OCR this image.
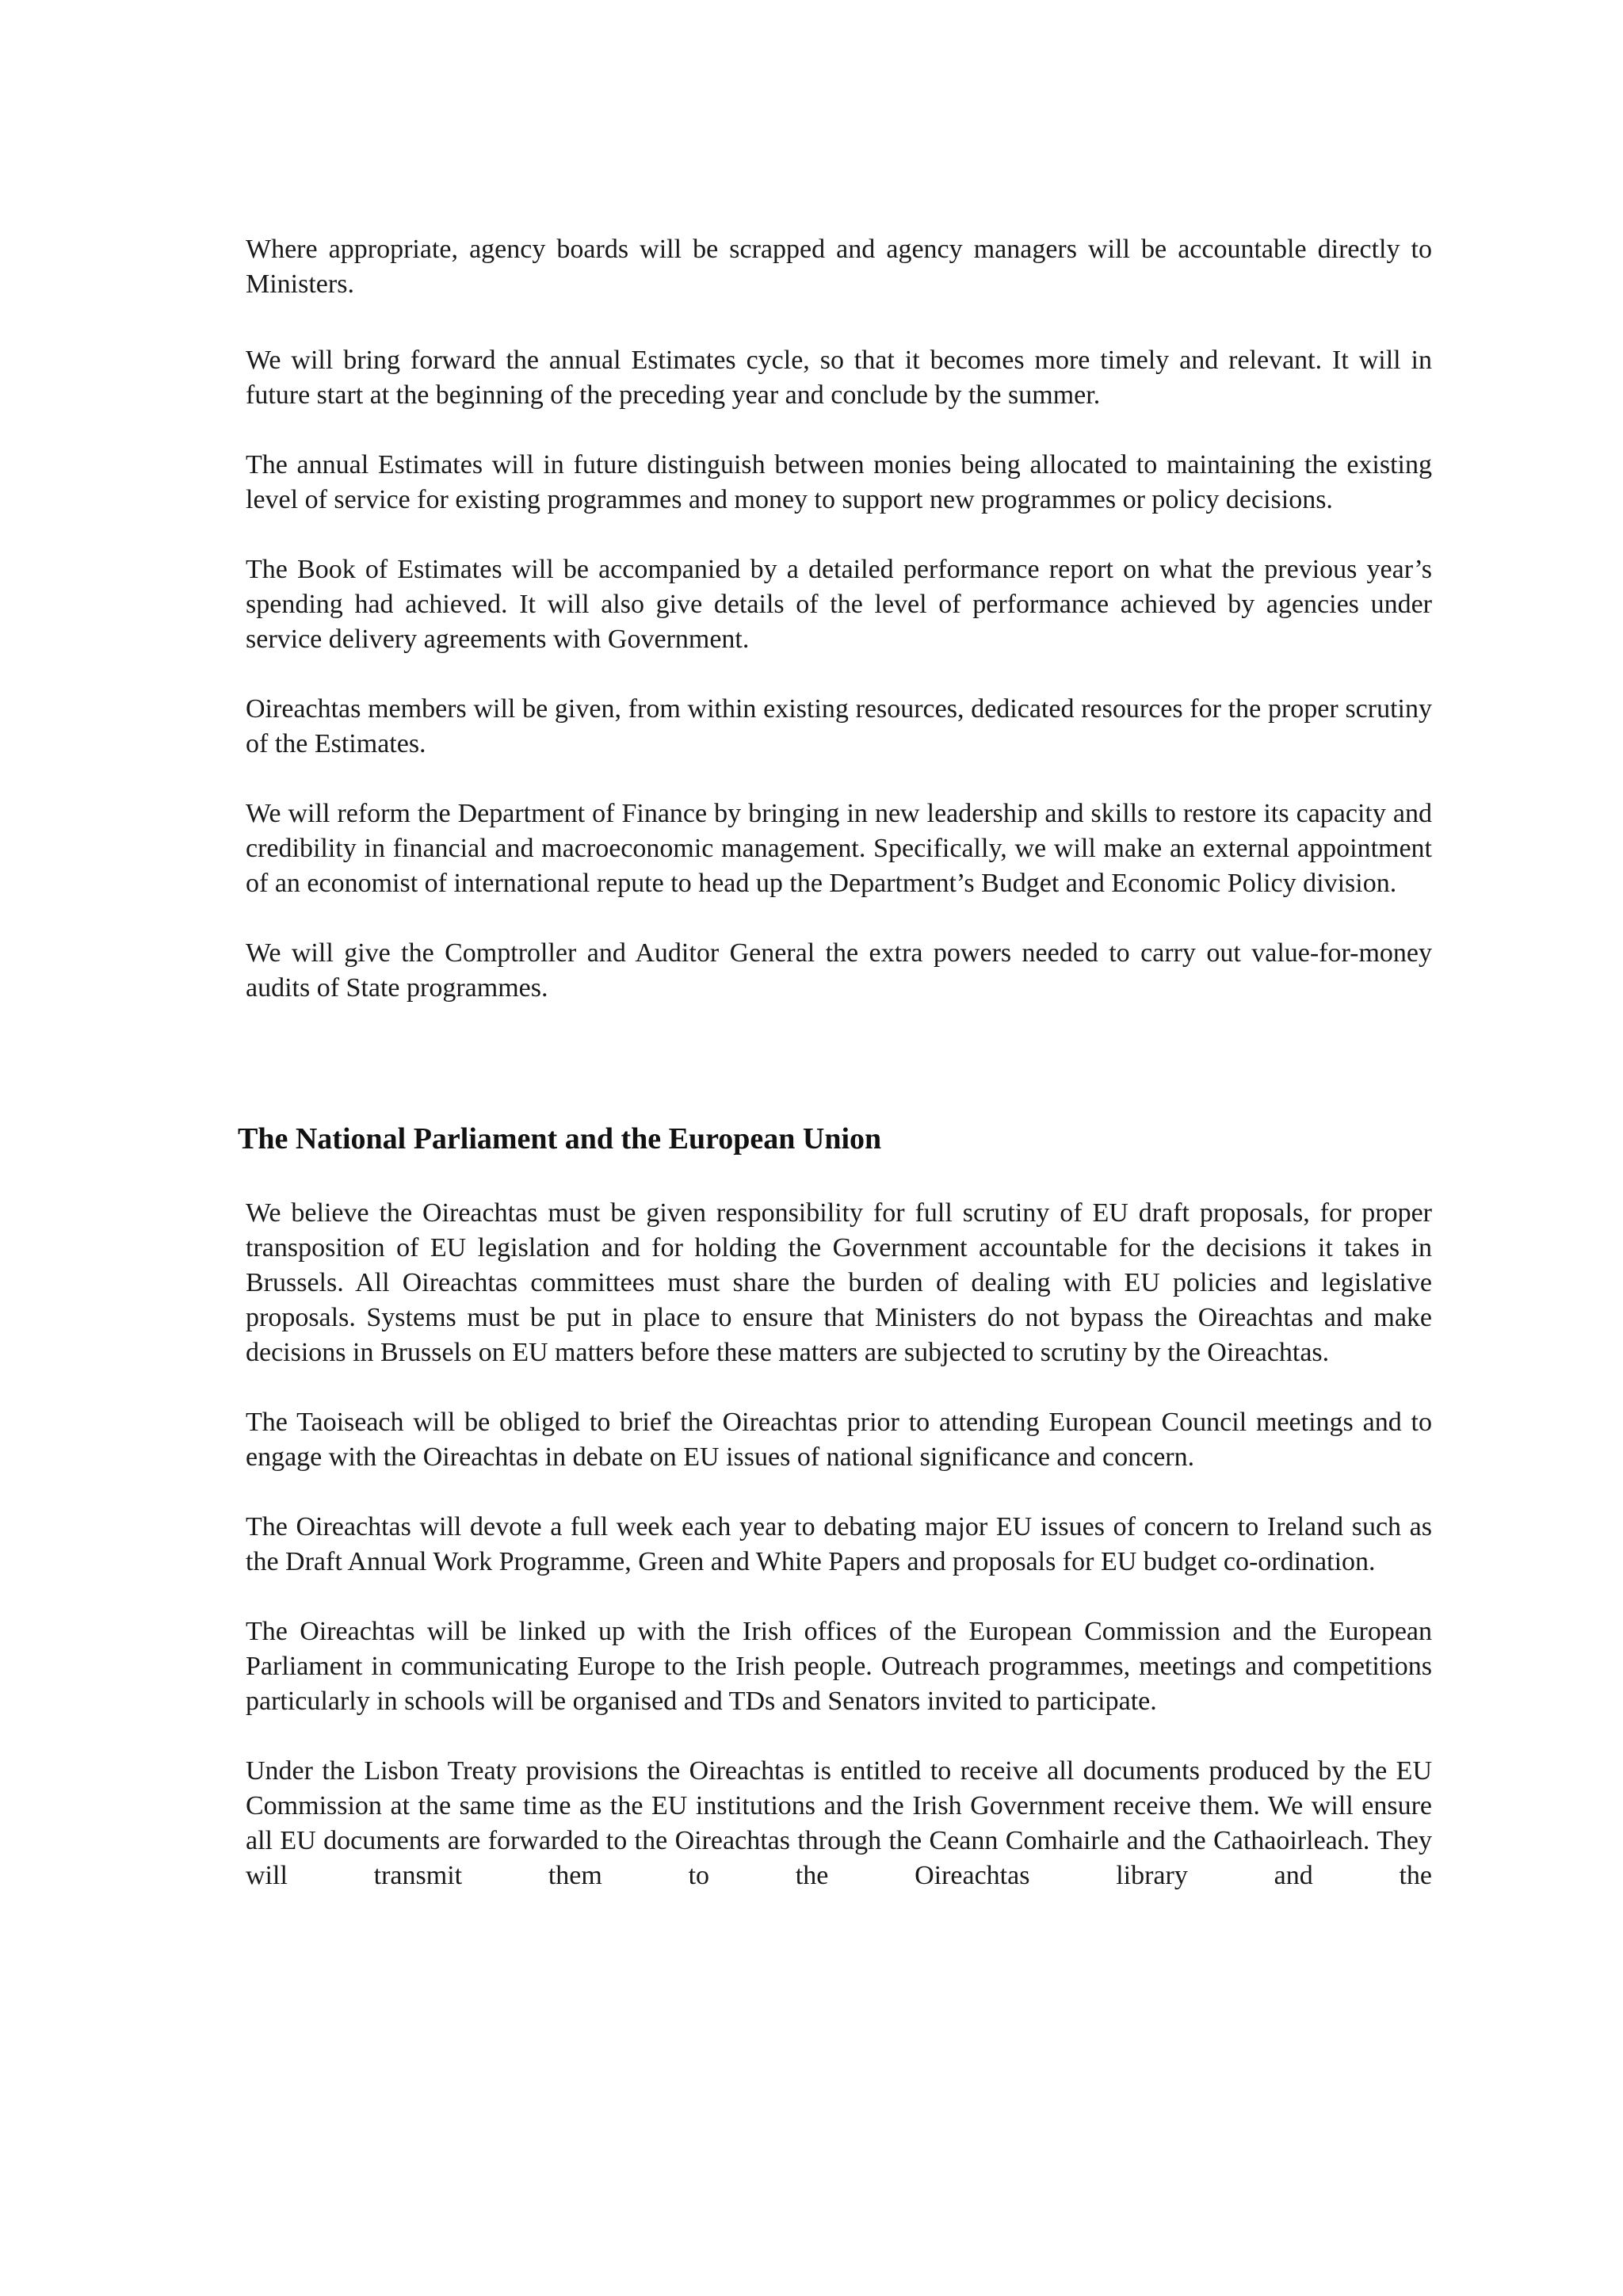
Where appropriate, agency boards will be scrapped and agency managers will be accountable directly to Ministers.

We will bring forward the annual Estimates cycle, so that it becomes more timely and relevant. It will in future start at the beginning of the preceding year and conclude by the summer.

The annual Estimates will in future distinguish between monies being allocated to maintaining the existing level of service for existing programmes and money to support new programmes or policy decisions.

The Book of Estimates will be accompanied by a detailed performance report on what the previous year’s spending had achieved. It will also give details of the level of performance achieved by agencies under service delivery agreements with Government.

Oireachtas members will be given, from within existing resources, dedicated resources for the proper scrutiny of the Estimates.

We will reform the Department of Finance by bringing in new leadership and skills to restore its capacity and credibility in financial and macroeconomic management. Specifically, we will make an external appointment of an economist of international repute to head up the Department’s Budget and Economic Policy division.

We will give the Comptroller and Auditor General the extra powers needed to carry out value-for-money audits of State programmes.

The National Parliament and the European Union

We believe the Oireachtas must be given responsibility for full scrutiny of EU draft proposals, for proper transposition of EU legislation and for holding the Government accountable for the decisions it takes in Brussels. All Oireachtas committees must share the burden of dealing with EU policies and legislative proposals. Systems must be put in place to ensure that Ministers do not bypass the Oireachtas and make decisions in Brussels on EU matters before these matters are subjected to scrutiny by the Oireachtas.

The Taoiseach will be obliged to brief the Oireachtas prior to attending European Council meetings and to engage with the Oireachtas in debate on EU issues of national significance and concern.

The Oireachtas will devote a full week each year to debating major EU issues of concern to Ireland such as the Draft Annual Work Programme, Green and White Papers and proposals for EU budget co-ordination.

The Oireachtas will be linked up with the Irish offices of the European Commission and the European Parliament in communicating Europe to the Irish people. Outreach programmes, meetings and competitions particularly in schools will be organised and TDs and Senators invited to participate.

Under the Lisbon Treaty provisions the Oireachtas is entitled to receive all documents produced by the EU Commission at the same time as the EU institutions and the Irish Government receive them. We will ensure all EU documents are forwarded to the Oireachtas through the Ceann Comhairle and the Cathaoirleach. They will transmit them to the Oireachtas library and the
